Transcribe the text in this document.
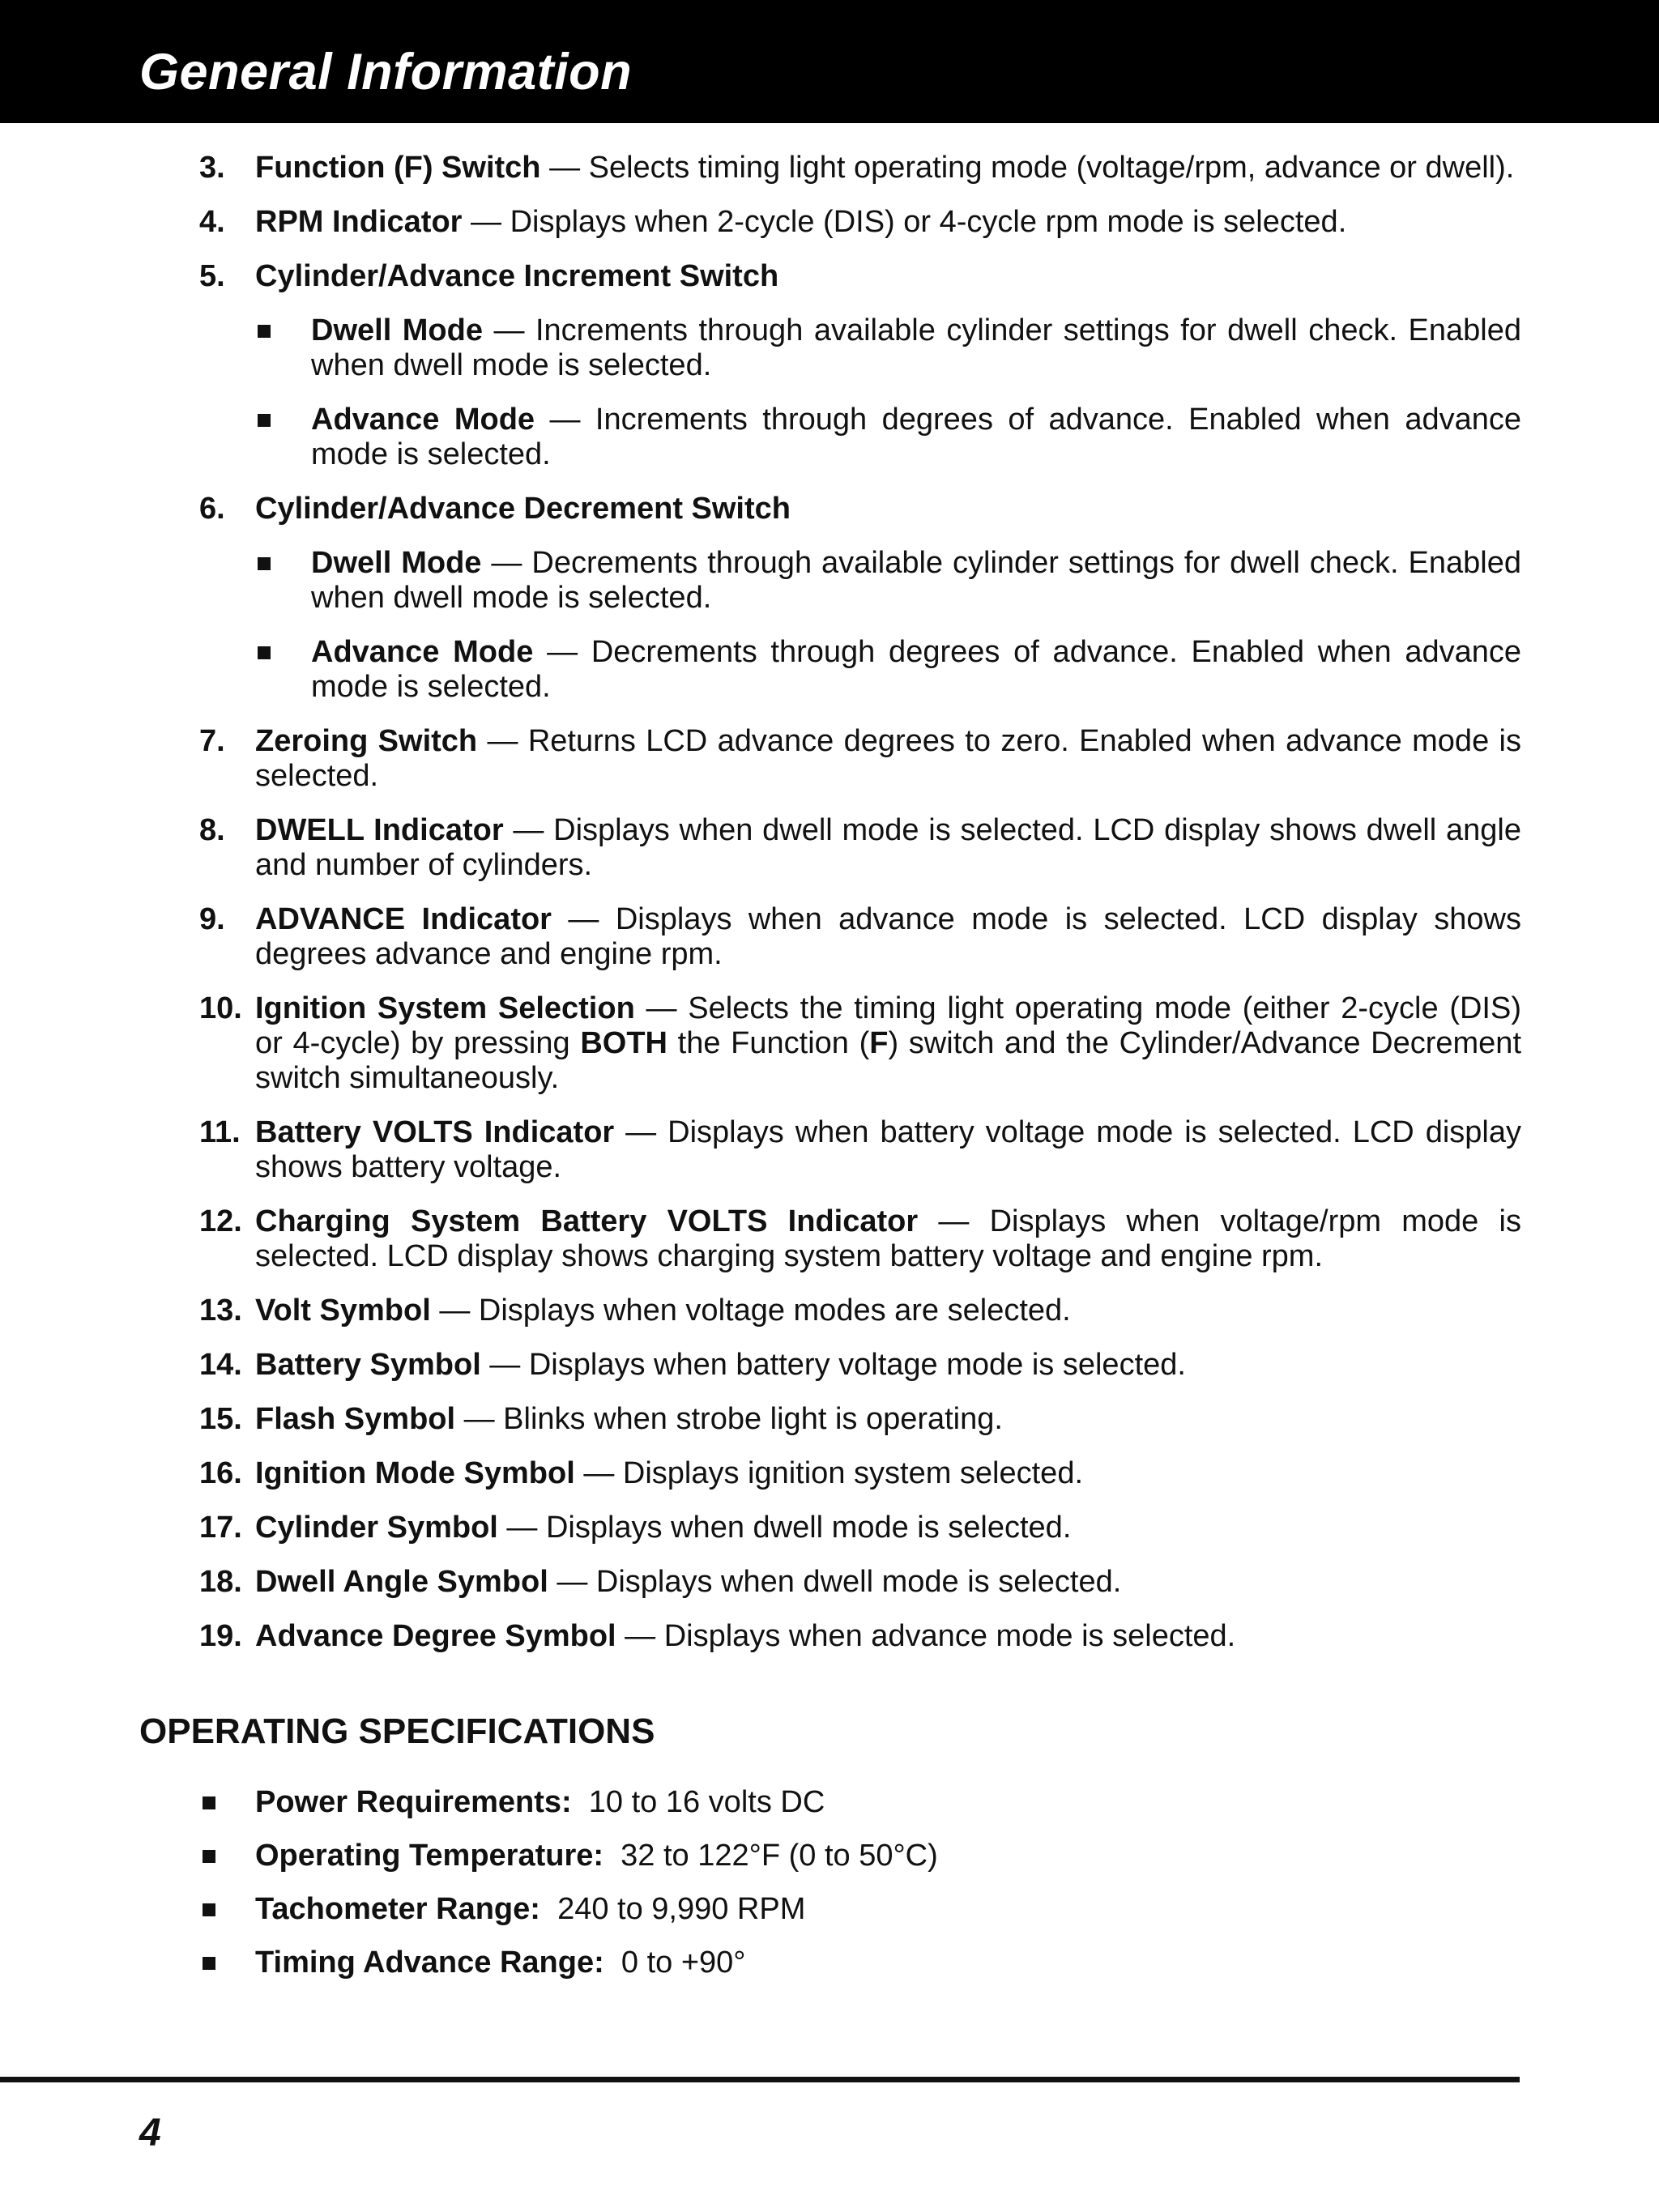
General Information
3. Function (F) Switch — Selects timing light operating mode (voltage/rpm, advance or dwell).
4. RPM Indicator — Displays when 2-cycle (DIS) or 4-cycle rpm mode is selected.
5. Cylinder/Advance Increment Switch
Dwell Mode — Increments through available cylinder settings for dwell check. Enabled when dwell mode is selected.
Advance Mode — Increments through degrees of advance. Enabled when advance mode is selected.
6. Cylinder/Advance Decrement Switch
Dwell Mode — Decrements through available cylinder settings for dwell check. Enabled when dwell mode is selected.
Advance Mode — Decrements through degrees of advance. Enabled when advance mode is selected.
7. Zeroing Switch — Returns LCD advance degrees to zero. Enabled when advance mode is selected.
8. DWELL Indicator — Displays when dwell mode is selected. LCD display shows dwell angle and number of cylinders.
9. ADVANCE Indicator — Displays when advance mode is selected. LCD display shows degrees advance and engine rpm.
10. Ignition System Selection — Selects the timing light operating mode (either 2-cycle (DIS) or 4-cycle) by pressing BOTH the Function (F) switch and the Cylinder/Advance Decrement switch simultaneously.
11. Battery VOLTS Indicator — Displays when battery voltage mode is selected. LCD display shows battery voltage.
12. Charging System Battery VOLTS Indicator — Displays when voltage/rpm mode is selected. LCD display shows charging system battery voltage and engine rpm.
13. Volt Symbol — Displays when voltage modes are selected.
14. Battery Symbol — Displays when battery voltage mode is selected.
15. Flash Symbol — Blinks when strobe light is operating.
16. Ignition Mode Symbol — Displays ignition system selected.
17. Cylinder Symbol — Displays when dwell mode is selected.
18. Dwell Angle Symbol — Displays when dwell mode is selected.
19. Advance Degree Symbol — Displays when advance mode is selected.
OPERATING SPECIFICATIONS
Power Requirements: 10 to 16 volts DC
Operating Temperature: 32 to 122°F (0 to 50°C)
Tachometer Range: 240 to 9,990 RPM
Timing Advance Range: 0 to +90°
4
